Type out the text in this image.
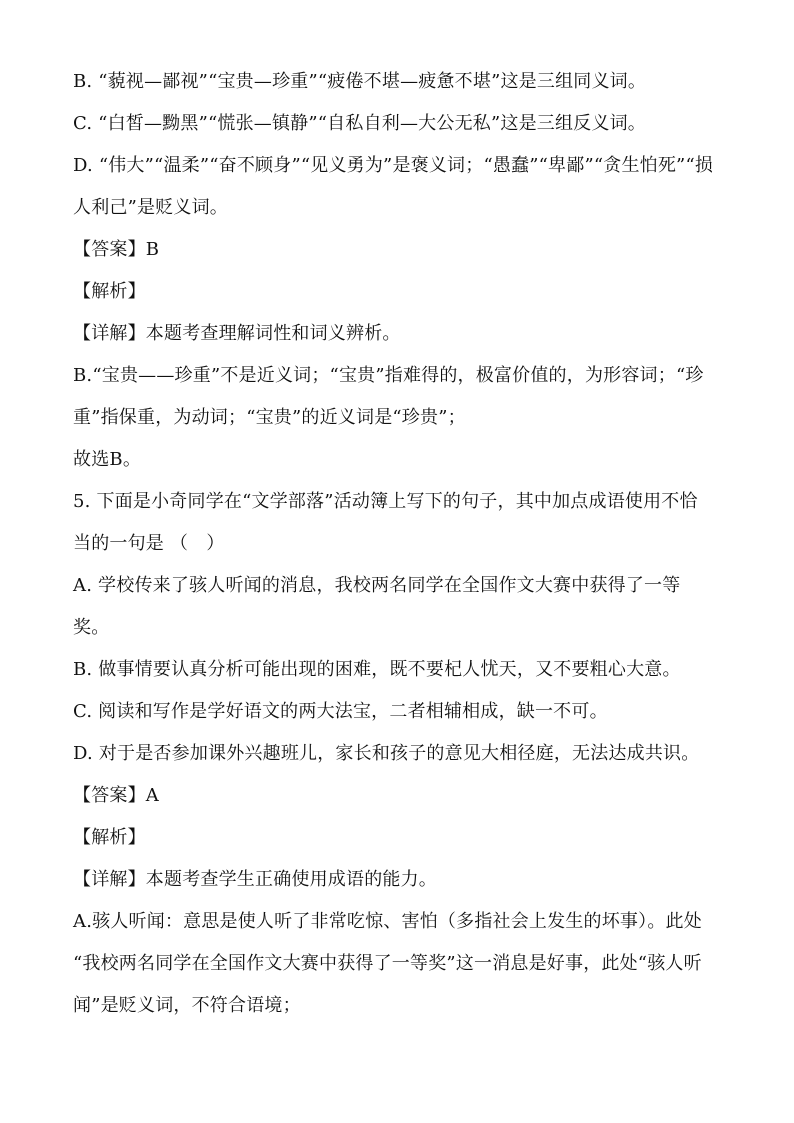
B. “藐视—鄙视”“宝贵—珍重”“疲倦不堪—疲惫不堪”这是三组同义词。
C. “白皙—黝黑”“慌张—镇静”“自私自利—大公无私”这是三组反义词。
D. “伟大”“温柔”“奋不顾身”“见义勇为”是褒义词；“愚蠢”“卑鄙”“贪生怕死”“损
人利己”是贬义词。
【答案】B
【解析】
【详解】本题考查理解词性和词义辨析。
B.“宝贵——珍重”不是近义词；“宝贵”指难得的，极富价值的，为形容词；“珍
重”指保重，为动词；“宝贵”的近义词是“珍贵”；
故选B。
5. 下面是小奇同学在“文学部落”活动簿上写下的句子，其中加点成语使用不恰
当的一句是 （　）
A. 学校传来了骇人听闻的消息，我校两名同学在全国作文大赛中获得了一等
奖。
B. 做事情要认真分析可能出现的困难，既不要杞人忧天，又不要粗心大意。
C. 阅读和写作是学好语文的两大法宝，二者相辅相成，缺一不可。
D. 对于是否参加课外兴趣班儿，家长和孩子的意见大相径庭，无法达成共识。
【答案】A
【解析】
【详解】本题考查学生正确使用成语的能力。
A.骇人听闻：意思是使人听了非常吃惊、害怕（多指社会上发生的坏事）。此处
“我校两名同学在全国作文大赛中获得了一等奖”这一消息是好事，此处“骇人听
闻”是贬义词，不符合语境；
